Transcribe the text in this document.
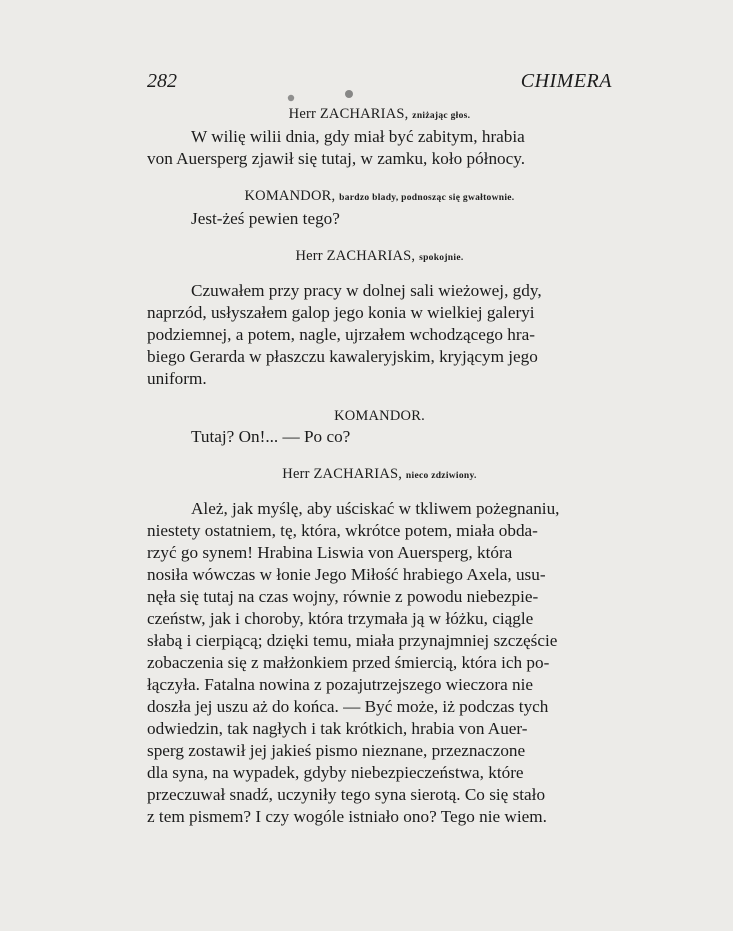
282	CHIMERA
Herr ZACHARIAS, zniżając głos.

W wilię wilii dnia, gdy miał być zabitym, hrabia

von Auersperg zjawił się tutaj, w zamku, koło północy.

KOMANDOR, bardzo blady, podnosząc się gwałtownie.

Jest-żeś pewien tego?

Herr ZACHARIAS, spokojnie.

Czuwałem przy pracy w dolnej sali wieżowej, gdy,

naprzód, usłyszałem galop jego konia w wielkiej galeryi

podziemnej, a potem, nagle, ujrzałem wchodzącego hra-

biego Gerarda w płaszczu kawaleryjskim, kryjącym jego

uniform.

KOMANDOR.

Tutaj? On!... — Po co?

Herr ZACHARIAS, nieco zdziwiony.

Ależ, jak myślę, aby uściskać w tkliwem pożegnaniu,

niestety ostatniem, tę, która, wkrótce potem, miała obda-

rzyć go synem! Hrabina Liswia von Auersperg, która

nosiła wówczas w łonie Jego Miłość hrabiego Axela, usu-

nęła się tutaj na czas wojny, równie z powodu niebezpie-

czeństw, jak i choroby, która trzymała ją w łóżku, ciągle

słabą i cierpiącą; dzięki temu, miała przynajmniej szczęście

zobaczenia się z małżonkiem przed śmiercią, która ich po-

łączyła. Fatalna nowina z pozajutrzejszego wieczora nie

doszła jej uszu aż do końca. — Być może, iż podczas tych

odwiedzin, tak nagłych i tak krótkich, hrabia von Auer-

sperg zostawił jej jakieś pismo nieznane, przeznaczone

dla syna, na wypadek, gdyby niebezpieczeństwa, które

przeczuwał snadź, uczyniły tego syna sierotą. Co się stało

z tem pismem? I czy wogóle istniało ono? Tego nie wiem.
